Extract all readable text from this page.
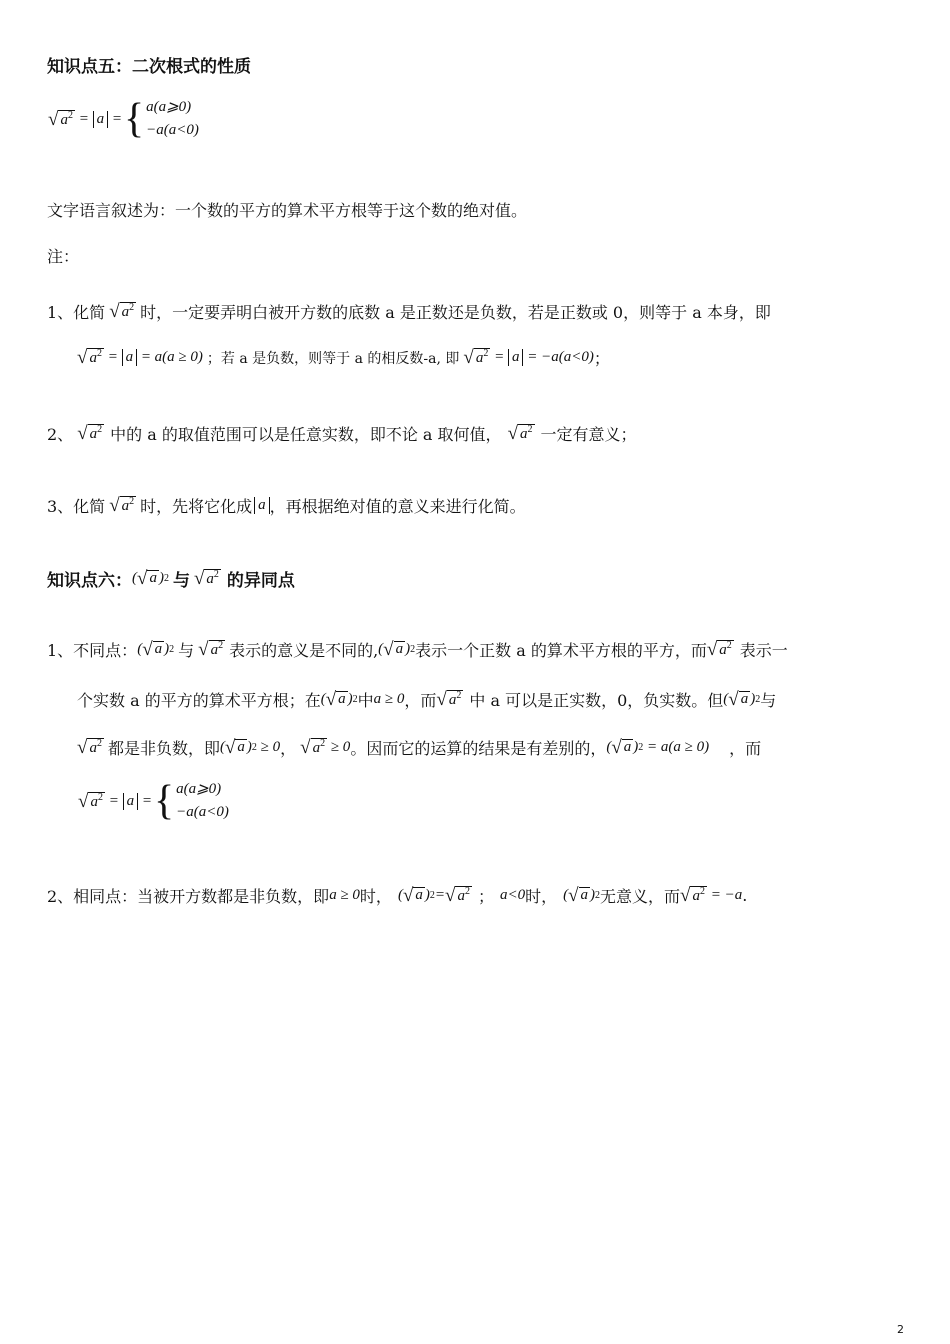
知识点五：二次根式的性质
√ $a^2 = a$ = { a(a⩾0)
−a(a<0)
文字语言叙述为：一个数的平方的算术平方根等于这个数的绝对值。
注：
1、化简 √ $a^2$ 时，一定要弄明白被开方数的底数 a 是正数还是负数，若是正数或 0，则等于 a 本身，即
√ $a^2 = a$
= a(a ≥ 0) ；若 a 是负数，则等于 a 的相反数-a, 即 √ $a^2 = a$
= −a(a<0) ；
2、 √ $a^2$ 中的 a 的取值范围可以是任意实数，即不论 a 取何值， √ $a^2$ 一定有意义；
3、化简 √ $a^2$ 时，先将它化成 a ，再根据绝对值的意义来进行化简。
知识点六： ( √ a ) 2 与 √ $a^2$ 的异同点
1、不同点： ( √ a ) 2 与 √ $a^2$ 表示的意义是不同的, ( √ a ) 2 表示一个正数 a 的算术平方根的平方，而 √ $a^2$ 表示一
个实数 a 的平方的算术平方根；在 ( √ a ) 2 中 a ≥ 0 ，而 √ $a^2$ 中 a 可以是正实数，0，负实数。但 ( √ a ) 2 与
√ $a^2$ 都是非负数，即 ( √ a ) 2
≥ 0 ， √ $a^2$
≥ 0 。因而它的运算的结果是有差别的， ( √ a ) 2
= a(a ≥ 0) ，而
√ $a^2 = a$ = { a(a⩾0)
−a(a<0)
2、相同点：当被开方数都是非负数，即 a ≥ 0 时， ( √ a ) 2 = √ $a^2$ ； a<0 时， ( √ a ) 2 无意义，而 √ $a^2$
= −a .
2
